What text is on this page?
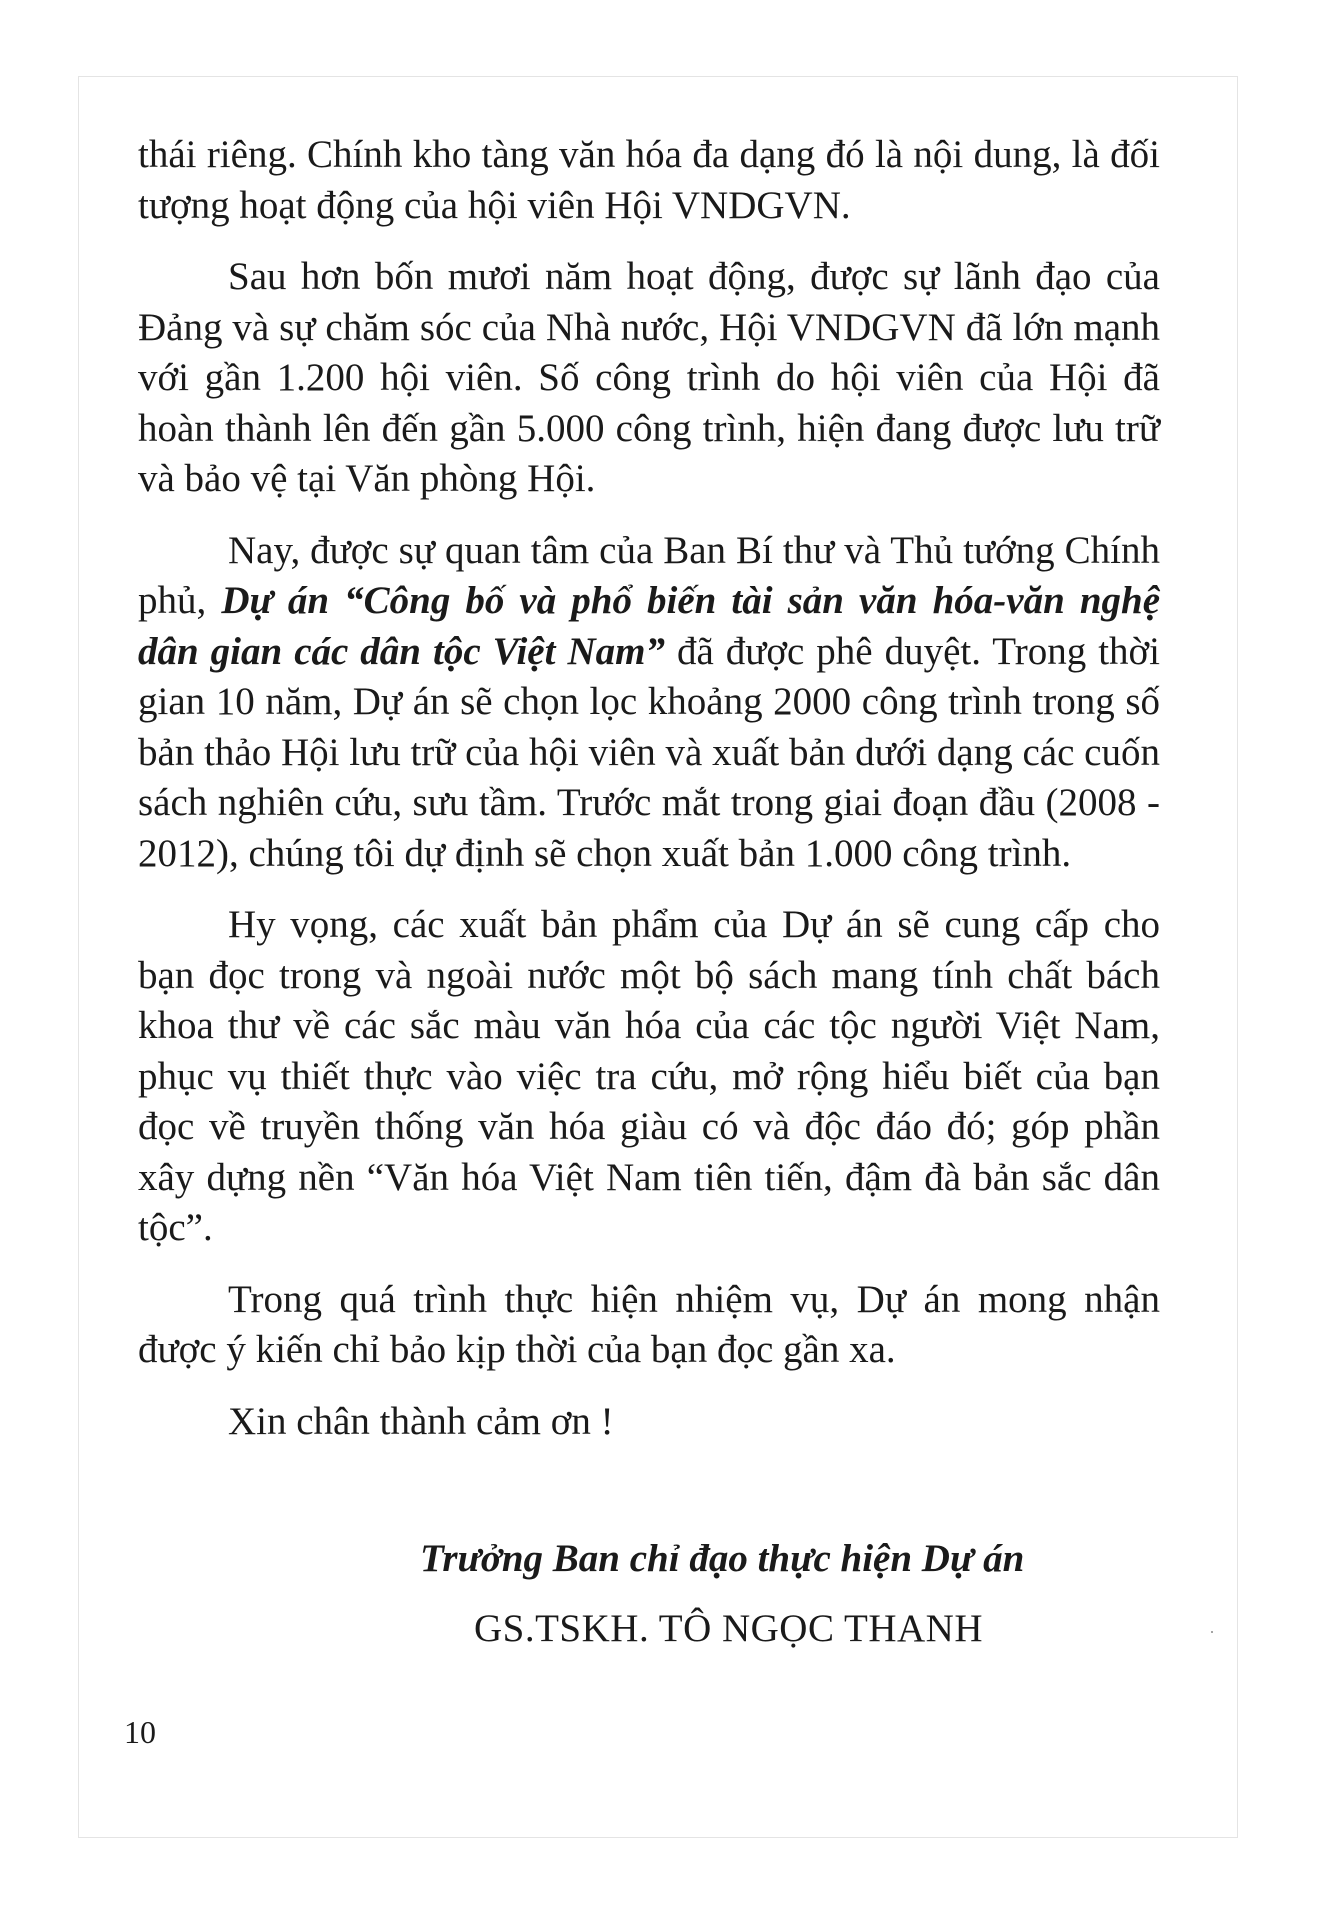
thái riêng. Chính kho tàng văn hóa đa dạng đó là nội dung, là đối tượng hoạt động của hội viên Hội VNDGVN.

Sau hơn bốn mươi năm hoạt động, được sự lãnh đạo của Đảng và sự chăm sóc của Nhà nước, Hội VNDGVN đã lớn mạnh với gần 1.200 hội viên. Số công trình do hội viên của Hội đã hoàn thành lên đến gần 5.000 công trình, hiện đang được lưu trữ và bảo vệ tại Văn phòng Hội.

Nay, được sự quan tâm của Ban Bí thư và Thủ tướng Chính phủ, Dự án “Công bố và phổ biến tài sản văn hóa-văn nghệ dân gian các dân tộc Việt Nam” đã được phê duyệt. Trong thời gian 10 năm, Dự án sẽ chọn lọc khoảng 2000 công trình trong số bản thảo Hội lưu trữ của hội viên và xuất bản dưới dạng các cuốn sách nghiên cứu, sưu tầm. Trước mắt trong giai đoạn đầu (2008 - 2012), chúng tôi dự định sẽ chọn xuất bản 1.000 công trình.

Hy vọng, các xuất bản phẩm của Dự án sẽ cung cấp cho bạn đọc trong và ngoài nước một bộ sách mang tính chất bách khoa thư về các sắc màu văn hóa của các tộc người Việt Nam, phục vụ thiết thực vào việc tra cứu, mở rộng hiểu biết của bạn đọc về truyền thống văn hóa giàu có và độc đáo đó; góp phần xây dựng nền “Văn hóa Việt Nam tiên tiến, đậm đà bản sắc dân tộc”.

Trong quá trình thực hiện nhiệm vụ, Dự án mong nhận được ý kiến chỉ bảo kịp thời của bạn đọc gần xa.

Xin chân thành cảm ơn !

Trưởng Ban chỉ đạo thực hiện Dự án
GS.TSKH. TÔ NGỌC THANH
10
